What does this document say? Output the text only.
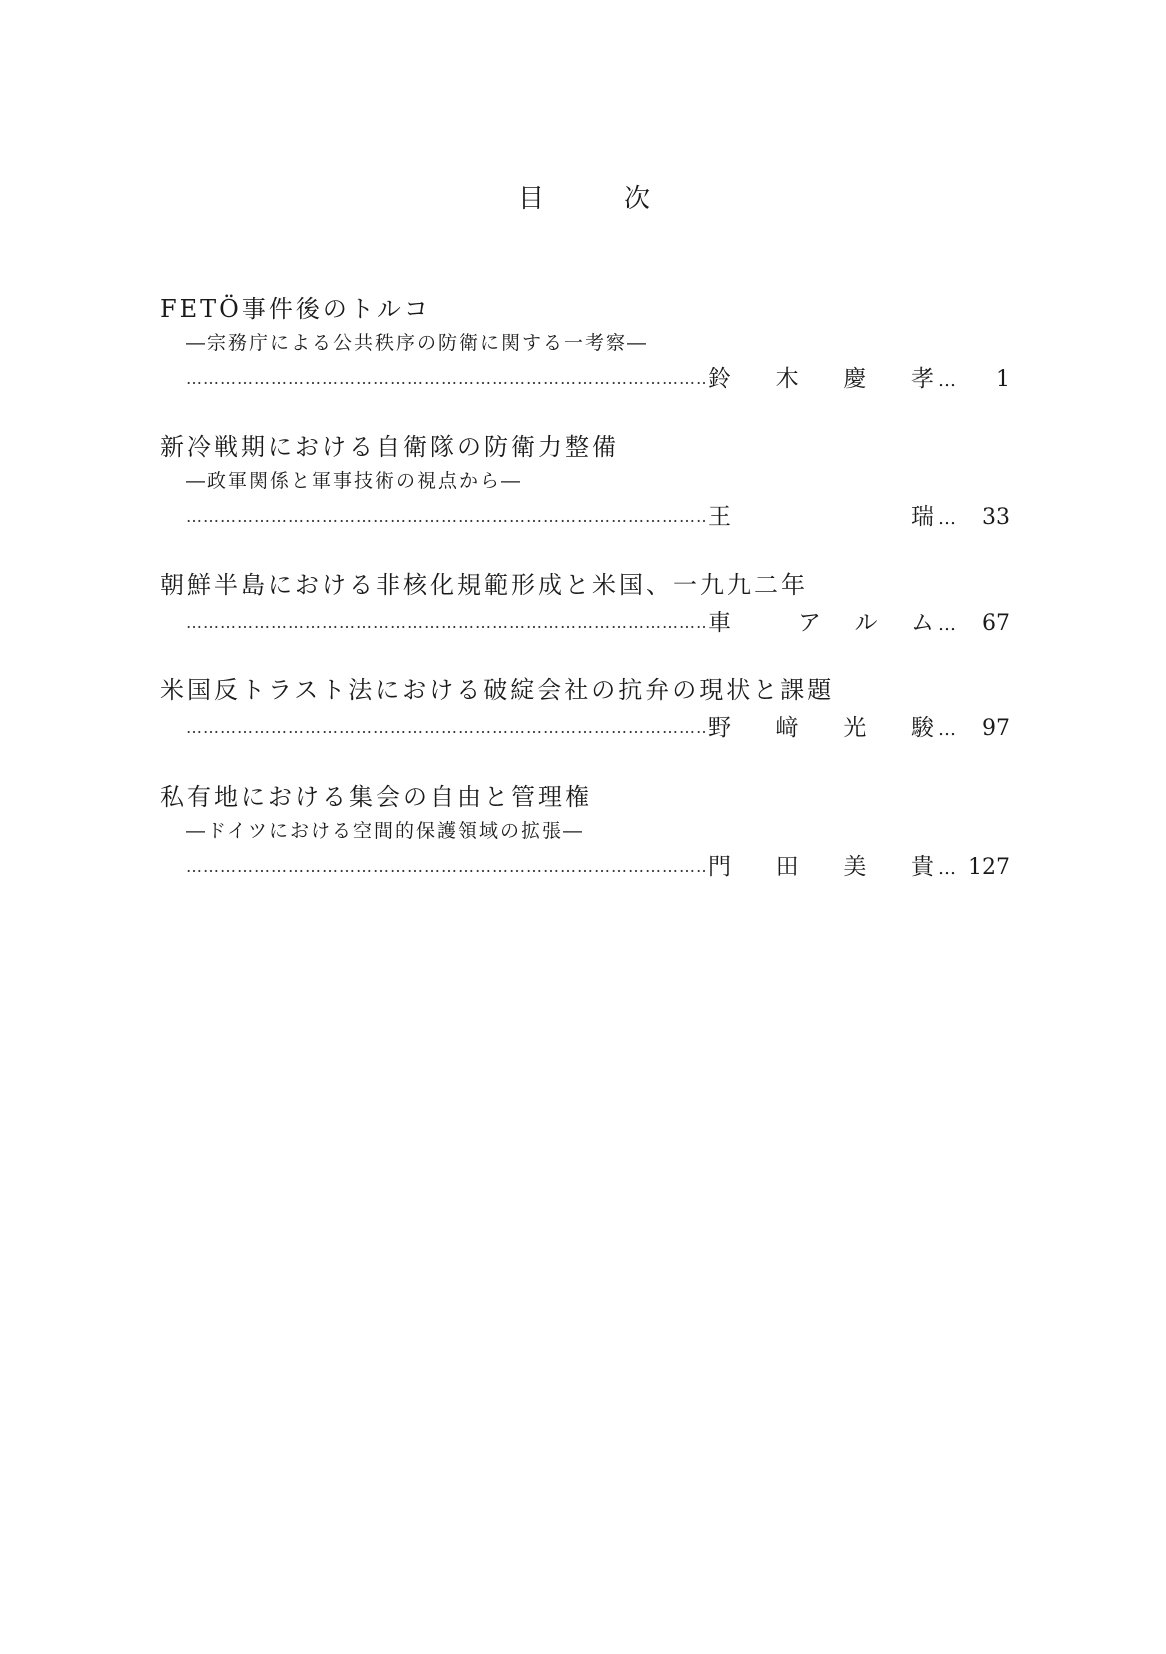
目	次
FETÖ事件後のトルコ
―宗務庁による公共秩序の防衛に関する一考察―
………………………………………………………………………………………………………………………………………………
鈴 木 慶 孝 …	1
新冷戦期における自衛隊の防衛力整備
―政軍関係と軍事技術の視点から―
………………………………………………………………………………………………………………………………………………
王	瑞 …	33
朝鮮半島における非核化規範形成と米国、一九九二年
………………………………………………………………………………………………………………………………………………
車	ア ル ム …	67
米国反トラスト法における破綻会社の抗弁の現状と課題
………………………………………………………………………………………………………………………………………………
野 﨑 光 駿 …	97
私有地における集会の自由と管理権
―ドイツにおける空間的保護領域の拡張―
………………………………………………………………………………………………………………………………………………
門 田 美 貴 … 127
